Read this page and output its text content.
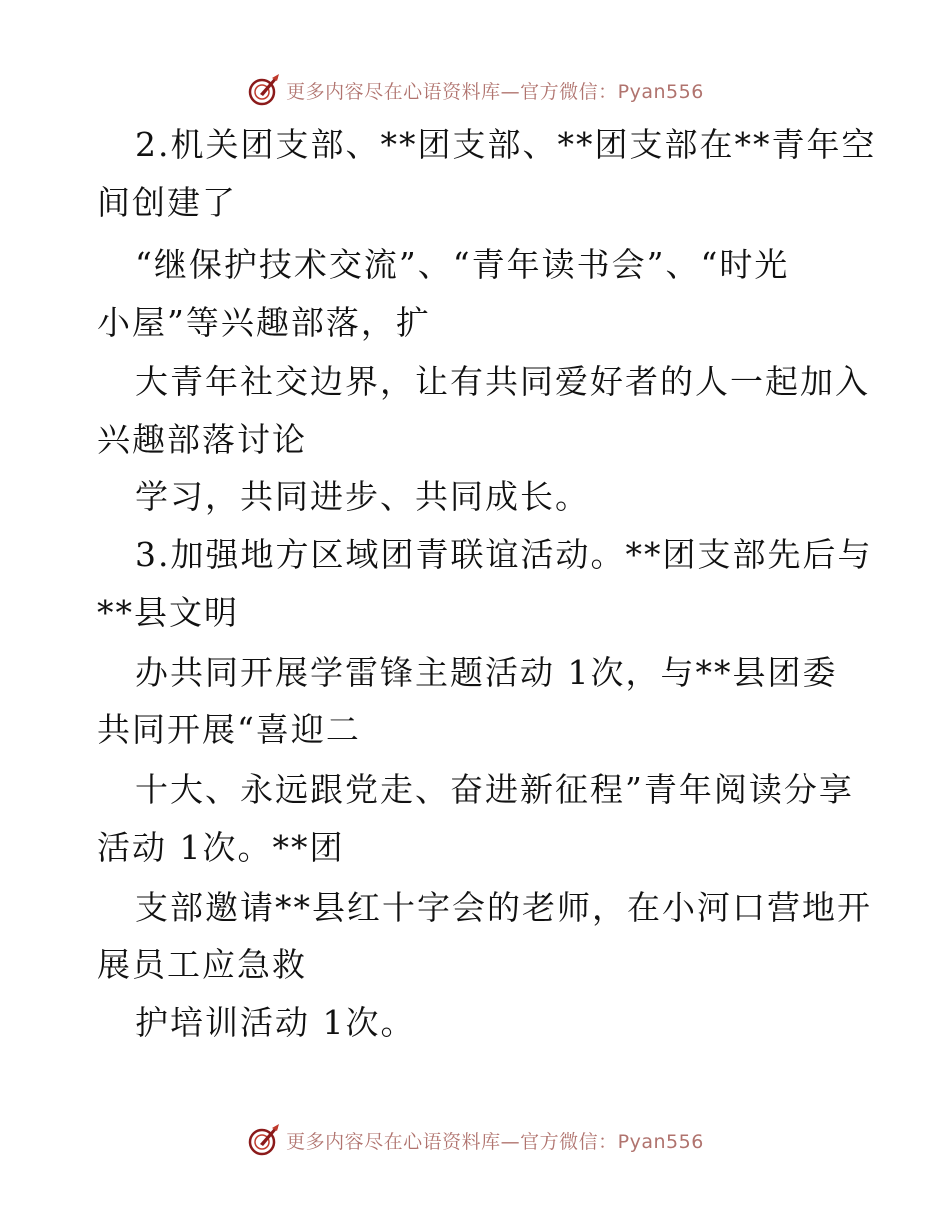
更多内容尽在心语资料库—官方微信：Pyan556
2.机关团支部、**团支部、**团支部在**青年空
间创建了
“继保护技术交流”、“青年读书会”、“时光
小屋”等兴趣部落，扩
大青年社交边界，让有共同爱好者的人一起加入
兴趣部落讨论
学习，共同进步、共同成长。
3.加强地方区域团青联谊活动。**团支部先后与
**县文明
办共同开展学雷锋主题活动 1次，与**县团委
共同开展“喜迎二
十大、永远跟党走、奋进新征程”青年阅读分享
活动 1次。**团
支部邀请**县红十字会的老师，在小河口营地开
展员工应急救
护培训活动 1次。
更多内容尽在心语资料库—官方微信：Pyan556
